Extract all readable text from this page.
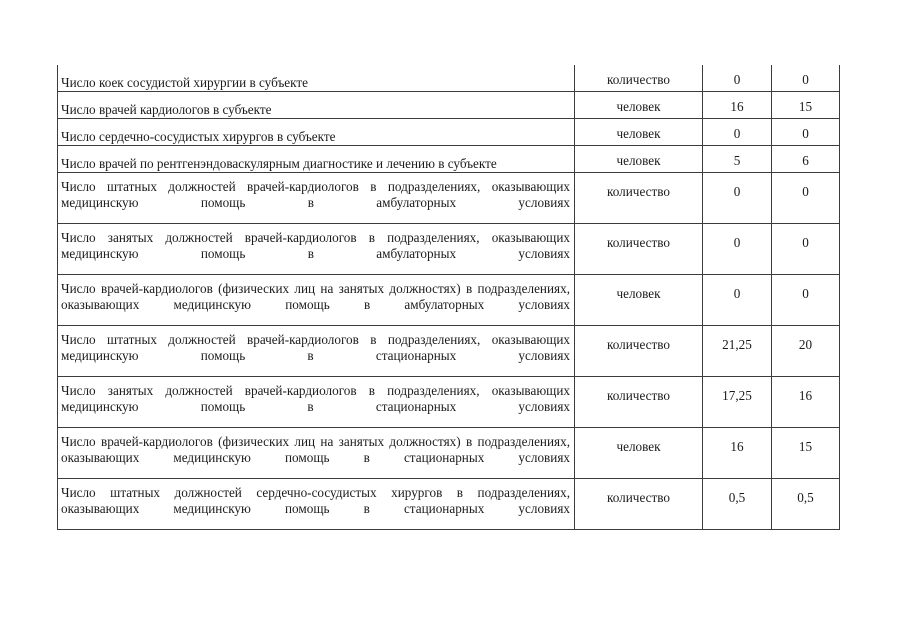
Число коек сосудистой хирургии в субъекте	количество	0	0

Число врачей кардиологов в субъекте	человек	16	15

Число сердечно-сосудистых хирургов в субъекте	человек	0	0

Число врачей по рентгенэндоваскулярным диагностике и лечению в субъекте	человек	5	6

Число штатных должностей врачей-кардиологов в подразделениях, оказывающих медицинскую помощь в амбулаторных условиях	количество	0	0

Число занятых должностей врачей-кардиологов в подразделениях, оказывающих медицинскую помощь в амбулаторных условиях	количество	0	0

Число врачей-кардиологов (физических лиц на занятых должностях) в подразделениях, оказывающих медицинскую помощь в амбулаторных условиях	человек	0	0

Число штатных должностей врачей-кардиологов в подразделениях, оказывающих медицинскую помощь в стационарных условиях	количество	21,25	20

Число занятых должностей врачей-кардиологов в подразделениях, оказывающих медицинскую помощь в стационарных условиях	количество	17,25	16

Число врачей-кардиологов (физических лиц на занятых должностях) в подразделениях, оказывающих медицинскую помощь в стационарных условиях	человек	16	15

Число штатных должностей сердечно-сосудистых хирургов в подразделениях, оказывающих медицинскую помощь в стационарных условиях	количество	0,5	0,5
